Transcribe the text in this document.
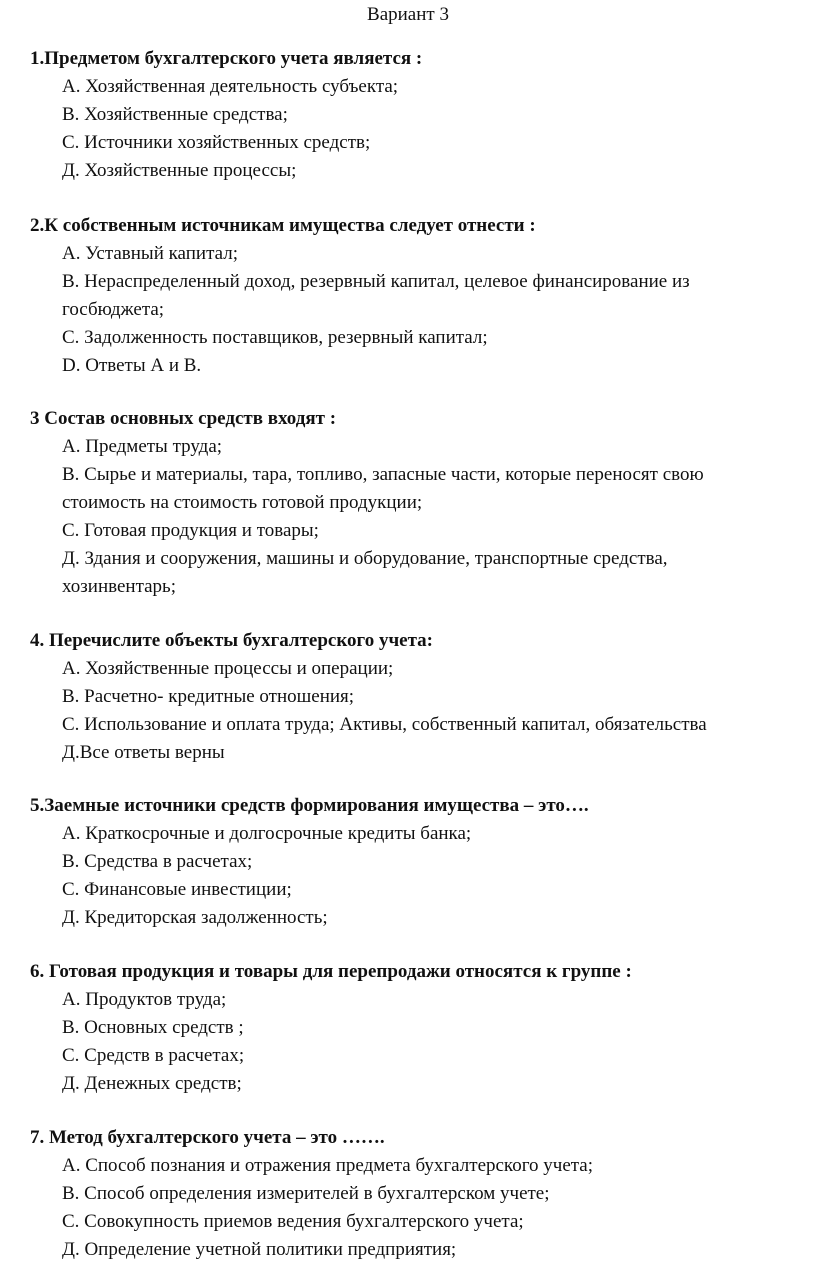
Вариант 3
1.Предметом бухгалтерского учета является :
А. Хозяйственная деятельность субъекта;
В. Хозяйственные средства;
С. Источники хозяйственных средств;
Д. Хозяйственные процессы;
2.К собственным источникам имущества следует отнести :
А. Уставный капитал;
В. Нераспределенный доход, резервный капитал, целевое финансирование из госбюджета;
С. Задолженность поставщиков, резервный капитал;
D. Ответы А и В.
3 Состав основных средств входят :
А. Предметы труда;
В. Сырье и материалы, тара, топливо, запасные части, которые переносят свою стоимость на стоимость готовой продукции;
С. Готовая продукция и товары;
Д. Здания и сооружения, машины и оборудование, транспортные средства, хозинвентарь;
4. Перечислите объекты бухгалтерского учета:
А. Хозяйственные процессы и операции;
В. Расчетно- кредитные отношения;
С. Использование и оплата труда; Активы, собственный капитал, обязательства
Д.Все ответы верны
5.Заемные источники средств формирования имущества – это….
А. Краткосрочные и долгосрочные кредиты банка;
В. Средства в расчетах;
С. Финансовые инвестиции;
Д. Кредиторская задолженность;
6. Готовая продукция и товары для перепродажи относятся к группе :
А. Продуктов труда;
В. Основных средств ;
С. Средств в расчетах;
Д. Денежных средств;
7. Метод бухгалтерского учета – это …….
А. Способ познания и отражения предмета бухгалтерского учета;
В. Способ определения измерителей в бухгалтерском учете;
С. Совокупность приемов ведения бухгалтерского учета;
Д. Определение учетной политики предприятия;
